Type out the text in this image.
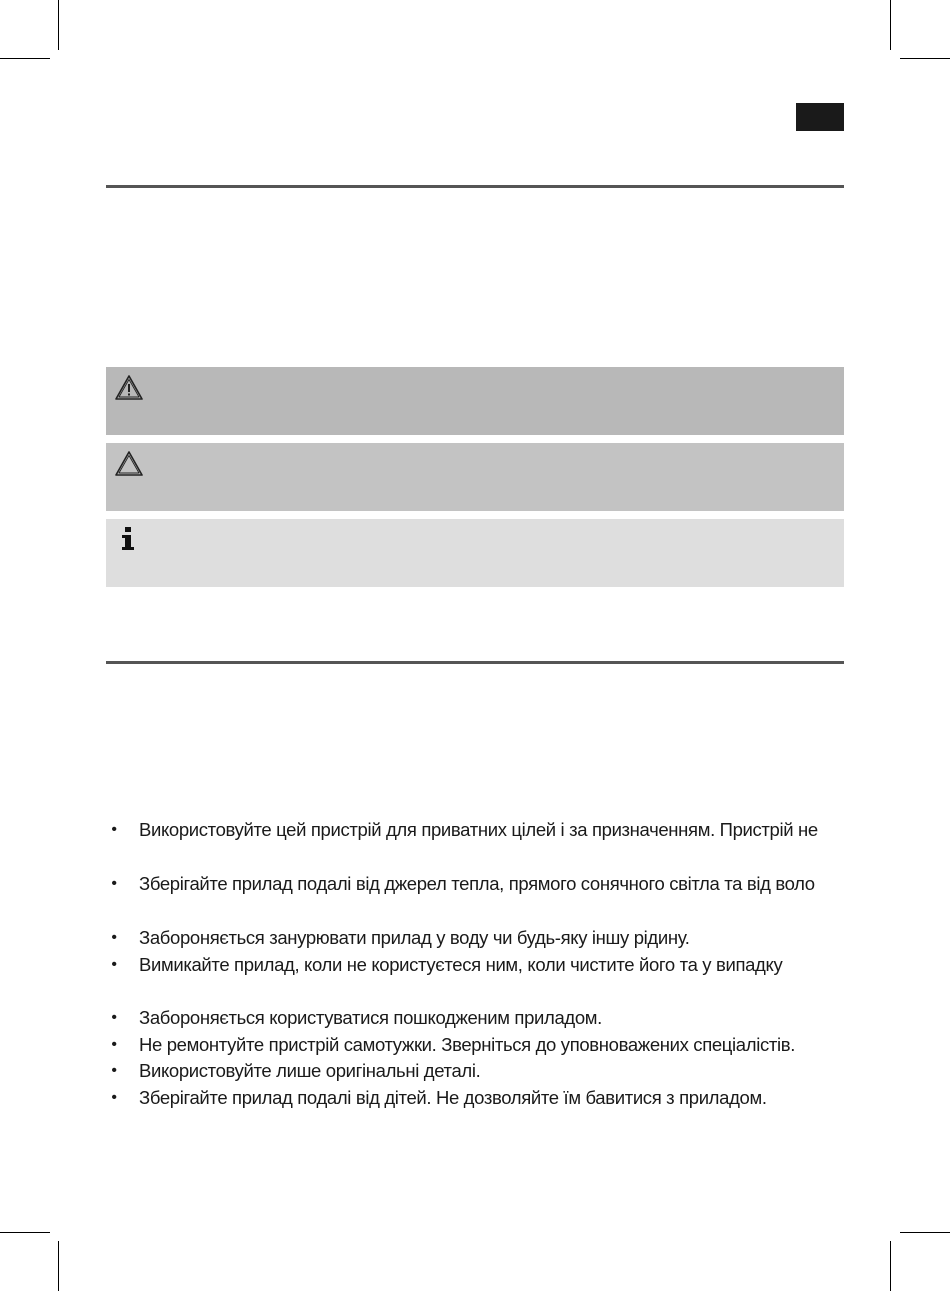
• Використовуйте цей пристрій для приватних цілей і за призначенням. Пристрій не
• Зберігайте прилад подалі від джерел тепла, прямого сонячного світла та від воло
• Забороняється занурювати прилад у воду чи будь-яку іншу рідину.
• Вимикайте прилад, коли не користуєтеся ним, коли чистите його та у випадку
• Забороняється користуватися пошкодженим приладом.
• Не ремонтуйте пристрій самотужки. Зверніться до уповноважених спеціалістів.
• Використовуйте лише оригінальні деталі.
• Зберігайте прилад подалі від дітей. Не дозволяйте їм бавитися з приладом.
